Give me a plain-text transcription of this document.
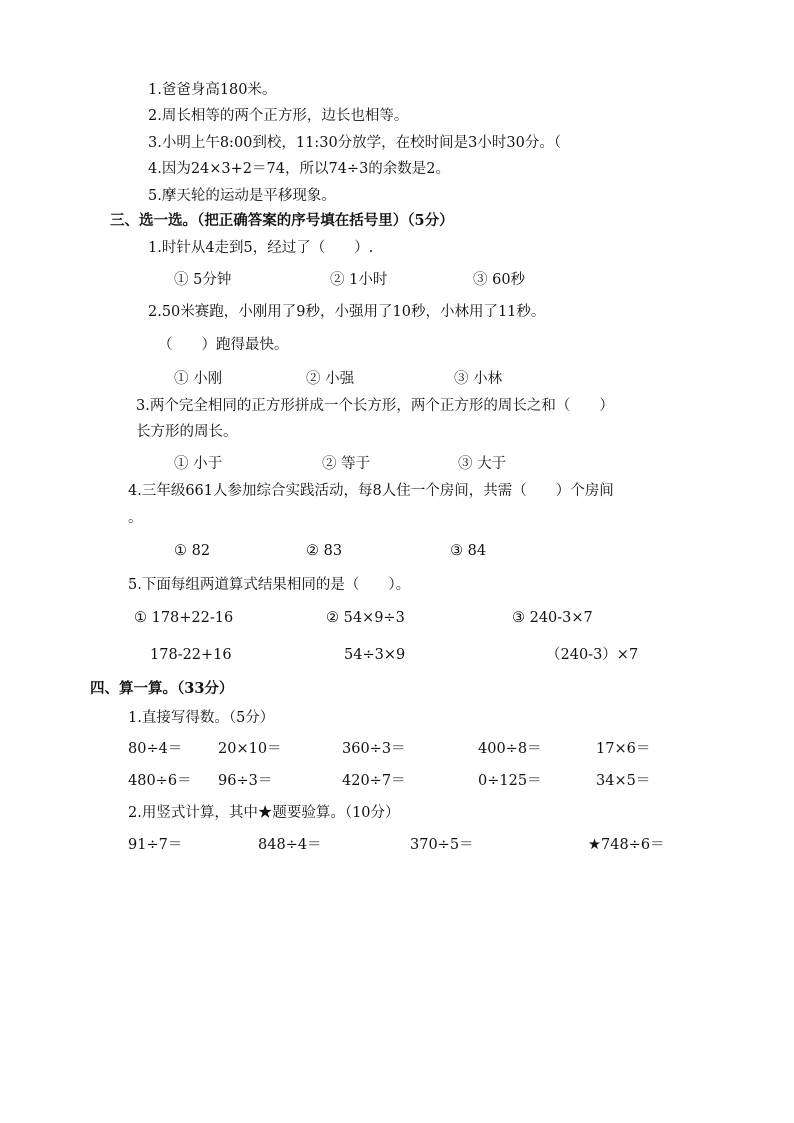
1.爸爸身高180米。
2.周长相等的两个正方形，边长也相等。
3.小明上午8:00到校，11:30分放学，在校时间是3小时30分。（
4.因为24×3+2＝74，所以74÷3的余数是2。
5.摩天轮的运动是平移现象。
三、选一选。（把正确答案的序号填在括号里）（5分）
1.时针从4走到5，经过了（　　）.
① 5分钟	② 1小时	③ 60秒
2.50米赛跑，小刚用了9秒，小强用了10秒，小林用了11秒。
（　　）跑得最快。
① 小刚	② 小强	③ 小林
3.两个完全相同的正方形拼成一个长方形，两个正方形的周长之和（　　）
长方形的周长。
① 小于	② 等于	③ 大于
4.三年级661人参加综合实践活动，每8人住一个房间，共需（　　）个房间
。
① 82	② 83	③ 84
5.下面每组两道算式结果相同的是（　　）。
① 178+22-16	② 54×9÷3	③ 240-3×7
178-22+16	54÷3×9	（240-3）×7
四、算一算。（33分）
1.直接写得数。（5分）
80÷4＝ 20×10＝	360÷3＝	400÷8＝	17×6＝
480÷6＝ 96÷3＝	420÷7＝	0÷125＝	34×5＝
2.用竖式计算，其中★题要验算。（10分）
91÷7＝	848÷4＝	370÷5＝	★748÷6＝
